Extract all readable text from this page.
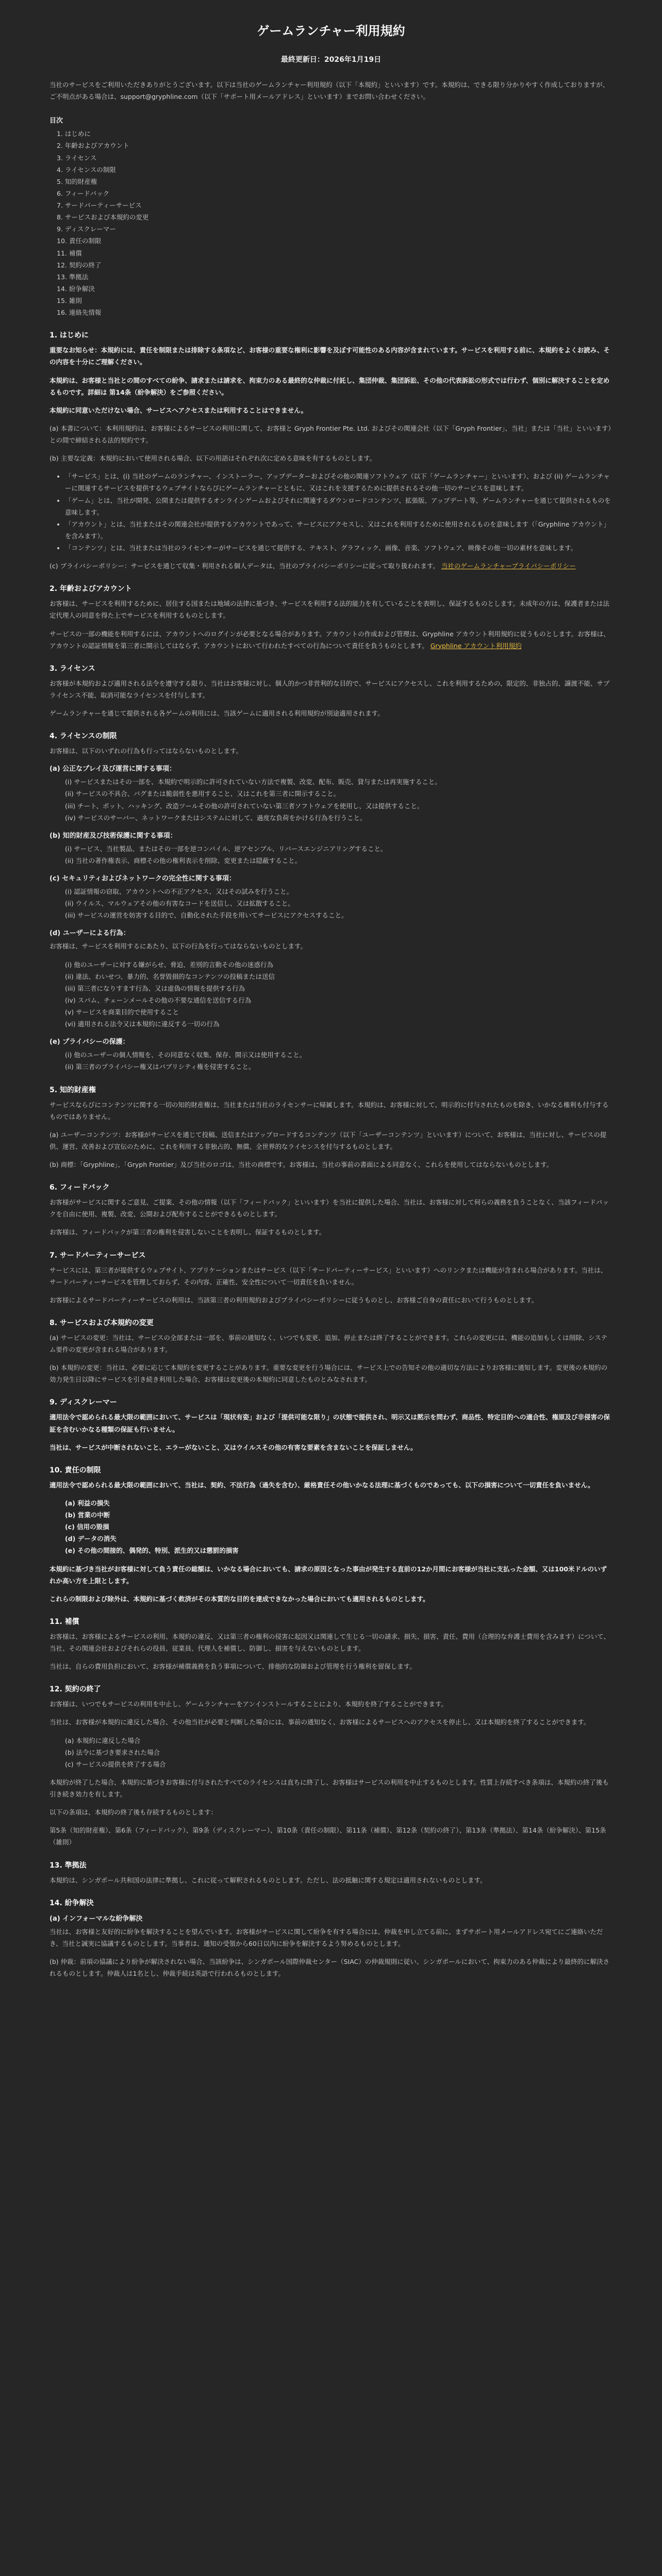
ゲームランチャー利用規約
最終更新日：2026年1月19日

当社のサービスをご利用いただきありがとうございます。以下は当社のゲームランチャー利用規約（以下「本規約」といいます）です。本規約は、できる限り分かりやすく作成しておりますが、ご不明点がある場合は、support@gryphline.com（以下「サポート用メールアドレス」といいます）までお問い合わせください。

目次
1. はじめに
2. 年齢およびアカウント
3. ライセンス
4. ライセンスの制限
5. 知的財産権
6. フィードバック
7. サードパーティーサービス
8. サービスおよび本規約の変更
9. ディスクレーマー
10. 責任の制限
11. 補償
12. 契約の終了
13. 準拠法
14. 紛争解決
15. 雑則
16. 連絡先情報
1. はじめに

重要なお知らせ：本規約には、責任を制限または排除する条項など、お客様の重要な権利に影響を及ぼす可能性のある内容が含まれています。サービスを利用する前に、本規約をよくお読み、その内容を十分にご理解ください。

本規約は、お客様と当社との間のすべての紛争、請求または請求を、拘束力のある最終的な仲裁に付託し、集団仲裁、集団訴訟、その他の代表訴訟の形式では行わず、個別に解決することを定めるものです。詳細は 第14条（紛争解決）をご参照ください。

本規約に同意いただけない場合、サービスへアクセスまたは利用することはできません。

(a) 本書について：本利用規約は、お客様によるサービスの利用に関して、お客様と Gryph Frontier Pte. Ltd. およびその関連会社（以下「Gryph Frontier」、当社」または「当社」といいます）との間で締結される法的契約です。

(b) 主要な定義：本規約において使用される場合、以下の用語はそれぞれ次に定める意味を有するものとします。

• 「サービス」とは、(i) 当社のゲームのランチャー、インストーラー、アップデーターおよびその他の関連ソフトウェア（以下「ゲームランチャー」といいます）、および (ii) ゲームランチャーに関連するサービスを提供するウェブサイトならびにゲームランチャーとともに、又はこれを支援するために提供されるその他一切のサービスを意味します。
• 「ゲーム」とは、当社が開発、公開または提供するオンラインゲームおよびそれに関連するダウンロードコンテンツ、拡張版、アップデート等、ゲームランチャーを通じて提供されるものを意味します。
• 「アカウント」とは、当社またはその関連会社が提供するアカウントであって、サービスにアクセスし、又はこれを利用するために使用されるものを意味します（「Gryphline アカウント」を含みます）。
• 「コンテンツ」とは、当社または当社のライセンサーがサービスを通じて提供する、テキスト、グラフィック、画像、音楽、ソフトウェア、映像その他一切の素材を意味します。

(c) プライバシーポリシー：サービスを通じて収集・利用される個人データは、当社のプライバシーポリシーに従って取り扱われます。 当社のゲームランチャープライバシーポリシー

2. 年齢およびアカウント

お客様は、サービスを利用するために、居住する国または地域の法律に基づき、サービスを利用する法的能力を有していることを表明し、保証するものとします。未成年の方は、保護者または法定代理人の同意を得た上でサービスを利用するものとします。

サービスの一部の機能を利用するには、アカウントへのログインが必要となる場合があります。アカウントの作成および管理は、Gryphline アカウント利用規約に従うものとします。お客様は、アカウントの認証情報を第三者に開示してはならず、アカウントにおいて行われたすべての行為について責任を負うものとします。 Gryphline アカウント利用規約

3. ライセンス

お客様が本規約および適用される法令を遵守する限り、当社はお客様に対し、個人的かつ非営利的な目的で、サービスにアクセスし、これを利用するための、限定的、非独占的、譲渡不能、サブライセンス不能、取消可能なライセンスを付与します。

ゲームランチャーを通じて提供される各ゲームの利用には、当該ゲームに適用される利用規約が別途適用されます。

4. ライセンスの制限

お客様は、以下のいずれの行為も行ってはならないものとします。

(a) 公正なプレイ及び運営に関する事項：
(i) サービスまたはその一部を、本規約で明示的に許可されていない方法で複製、改変、配布、販売、貸与または再実施すること。
(ii) サービスの不具合、バグまたは脆弱性を悪用すること、又はこれを第三者に開示すること。
(iii) チート、ボット、ハッキング、改造ツールその他の許可されていない第三者ソフトウェアを使用し、又は提供すること。
(iv) サービスのサーバー、ネットワークまたはシステムに対して、過度な負荷をかける行為を行うこと。
(b) 知的財産及び技術保護に関する事項：
(i) サービス、当社製品、またはその一部を逆コンパイル、逆アセンブル、リバースエンジニアリングすること。
(ii) 当社の著作権表示、商標その他の権利表示を削除、変更または隠蔽すること。
(c) セキュリティおよびネットワークの完全性に関する事項：
(i) 認証情報の窃取、アカウントへの不正アクセス、又はその試みを行うこと。
(ii) ウイルス、マルウェアその他の有害なコードを送信し、又は拡散すること。
(iii) サービスの運営を妨害する目的で、自動化された手段を用いてサービスにアクセスすること。
(d) ユーザーによる行為：

お客様は、サービスを利用するにあたり、以下の行為を行ってはならないものとします。

(i) 他のユーザーに対する嫌がらせ、脅迫、差別的言動その他の迷惑行為
(ii) 違法、わいせつ、暴力的、名誉毀損的なコンテンツの投稿または送信
(iii) 第三者になりすます行為、又は虚偽の情報を提供する行為
(iv) スパム、チェーンメールその他の不要な通信を送信する行為
(v) サービスを商業目的で使用すること
(vi) 適用される法令又は本規約に違反する一切の行為
(e) プライバシーの保護：
(i) 他のユーザーの個人情報を、その同意なく収集、保存、開示又は使用すること。
(ii) 第三者のプライバシー権又はパブリシティ権を侵害すること。
5. 知的財産権

サービスならびにコンテンツに関する一切の知的財産権は、当社または当社のライセンサーに帰属します。本規約は、お客様に対して、明示的に付与されたものを除き、いかなる権利も付与するものではありません。

(a) ユーザーコンテンツ：お客様がサービスを通じて投稿、送信またはアップロードするコンテンツ（以下「ユーザーコンテンツ」といいます）について、お客様は、当社に対し、サービスの提供、運営、改善および宣伝のために、これを利用する非独占的、無償、全世界的なライセンスを付与するものとします。

(b) 商標：「Gryphline」、「Gryph Frontier」及び当社のロゴは、当社の商標です。お客様は、当社の事前の書面による同意なく、これらを使用してはならないものとします。

6. フィードバック

お客様がサービスに関するご意見、ご提案、その他の情報（以下「フィードバック」といいます）を当社に提供した場合、当社は、お客様に対して何らの義務を負うことなく、当該フィードバックを自由に使用、複製、改変、公開および配布することができるものとします。

お客様は、フィードバックが第三者の権利を侵害しないことを表明し、保証するものとします。

7. サードパーティーサービス

サービスには、第三者が提供するウェブサイト、アプリケーションまたはサービス（以下「サードパーティーサービス」といいます）へのリンクまたは機能が含まれる場合があります。当社は、サードパーティーサービスを管理しておらず、その内容、正確性、安全性について一切責任を負いません。

お客様によるサードパーティーサービスの利用は、当該第三者の利用規約およびプライバシーポリシーに従うものとし、お客様ご自身の責任において行うものとします。

8. サービスおよび本規約の変更

(a) サービスの変更：当社は、サービスの全部または一部を、事前の通知なく、いつでも変更、追加、停止または終了することができます。これらの変更には、機能の追加もしくは削除、システム要件の変更が含まれる場合があります。

(b) 本規約の変更：当社は、必要に応じて本規約を変更することがあります。重要な変更を行う場合には、サービス上での告知その他の適切な方法によりお客様に通知します。変更後の本規約の効力発生日以降にサービスを引き続き利用した場合、お客様は変更後の本規約に同意したものとみなされます。

9. ディスクレーマー

適用法令で認められる最大限の範囲において、サービスは「現状有姿」および「提供可能な限り」の状態で提供され、明示又は黙示を問わず、商品性、特定目的への適合性、権原及び非侵害の保証を含むいかなる種類の保証も行いません。

当社は、サービスが中断されないこと、エラーがないこと、又はウイルスその他の有害な要素を含まないことを保証しません。

10. 責任の制限

適用法令で認められる最大限の範囲において、当社は、契約、不法行為（過失を含む）、厳格責任その他いかなる法理に基づくものであっても、以下の損害について一切責任を負いません。

(a) 利益の損失
(b) 営業の中断
(c) 信用の毀損
(d) データの消失
(e) その他の間接的、偶発的、特別、派生的又は懲罰的損害

本規約に基づき当社がお客様に対して負う責任の総額は、いかなる場合においても、請求の原因となった事由が発生する直前の12か月間にお客様が当社に支払った金額、又は100米ドルのいずれか高い方を上限とします。

これらの制限および除外は、本規約に基づく救済がその本質的な目的を達成できなかった場合においても適用されるものとします。

11. 補償

お客様は、お客様によるサービスの利用、本規約の違反、又は第三者の権利の侵害に起因又は関連して生じる一切の請求、損失、損害、責任、費用（合理的な弁護士費用を含みます）について、当社、その関連会社およびそれらの役員、従業員、代理人を補償し、防御し、損害を与えないものとします。

当社は、自らの費用負担において、お客様が補償義務を負う事項について、排他的な防御および管理を行う権利を留保します。

12. 契約の終了

お客様は、いつでもサービスの利用を中止し、ゲームランチャーをアンインストールすることにより、本規約を終了することができます。

当社は、お客様が本規約に違反した場合、その他当社が必要と判断した場合には、事前の通知なく、お客様によるサービスへのアクセスを停止し、又は本規約を終了することができます。

(a) 本規約に違反した場合
(b) 法令に基づき要求された場合
(c) サービスの提供を終了する場合

本規約が終了した場合、本規約に基づきお客様に付与されたすべてのライセンスは直ちに終了し、お客様はサービスの利用を中止するものとします。性質上存続すべき条項は、本規約の終了後も引き続き効力を有します。

以下の条項は、本規約の終了後も存続するものとします：

第5条（知的財産権）、第6条（フィードバック）、第9条（ディスクレーマー）、第10条（責任の制限）、第11条（補償）、第12条（契約の終了）、第13条（準拠法）、第14条（紛争解決）、第15条（雑則）

13. 準拠法

本規約は、シンガポール共和国の法律に準拠し、これに従って解釈されるものとします。ただし、法の抵触に関する規定は適用されないものとします。

14. 紛争解決
(a) インフォーマルな紛争解決

当社は、お客様と友好的に紛争を解決することを望んでいます。お客様がサービスに関して紛争を有する場合には、仲裁を申し立てる前に、まずサポート用メールアドレス宛てにご連絡いただき、当社と誠実に協議するものとします。当事者は、通知の受領から60日以内に紛争を解決するよう努めるものとします。

(b) 仲裁：前項の協議により紛争が解決されない場合、当該紛争は、シンガポール国際仲裁センター（SIAC）の仲裁規則に従い、シンガポールにおいて、拘束力のある仲裁により最終的に解決されるものとします。仲裁人は1名とし、仲裁手続は英語で行われるものとします。
